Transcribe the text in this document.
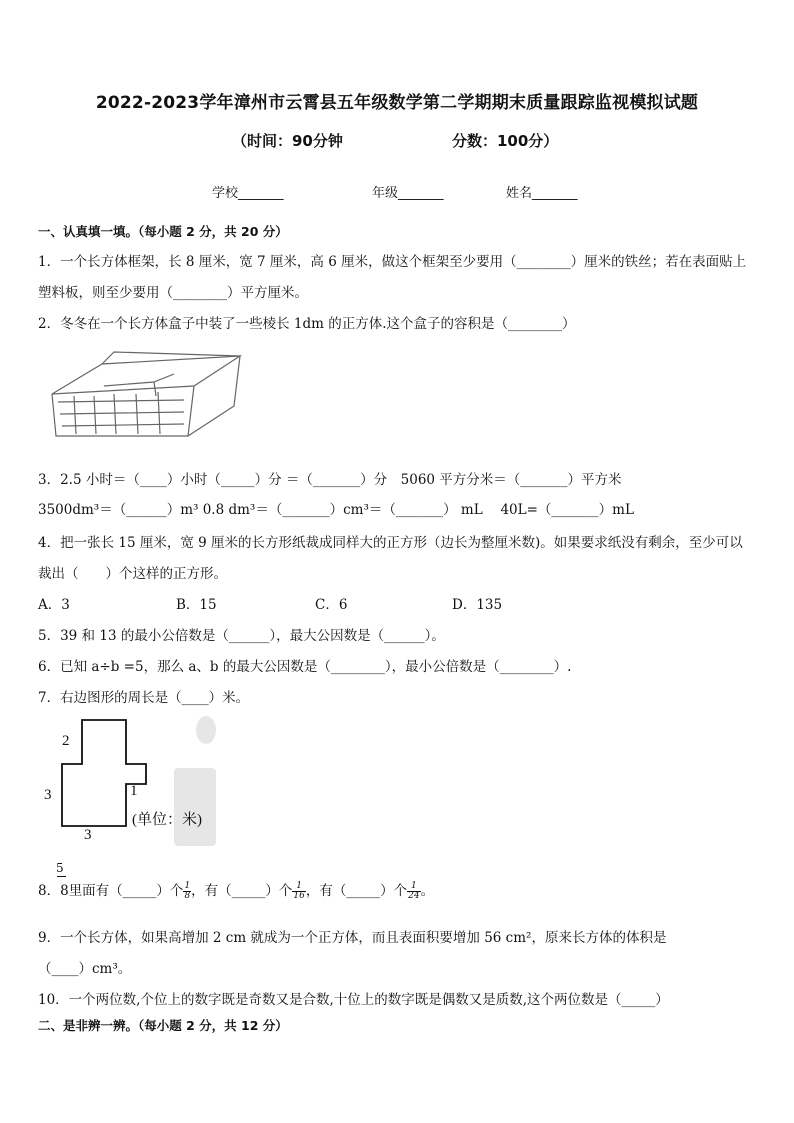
2022-2023学年漳州市云霄县五年级数学第二学期期末质量跟踪监视模拟试题
（时间：90分钟	分数：100分）
学校_______	年级_______	姓名_______
一、认真填一填。（每小题 2 分，共 20 分）
1．一个长方体框架，长 8 厘米，宽 7 厘米，高 6 厘米，做这个框架至少要用（________）厘米的铁丝；若在表面贴上
塑料板，则至少要用（________）平方厘米。
2．冬冬在一个长方体盒子中装了一些棱长 1dm 的正方体.这个盒子的容积是（________）
3．2.5 小时＝（____）小时（_____）分 ＝（_______）分　5060 平方分米＝（_______）平方米
3500dm³＝（______）m³ 0.8 dm³＝（_______）cm³＝（_______） mL　 40L=（_______）mL
4．把一张长 15 厘米，宽 9 厘米的长方形纸裁成同样大的正方形（边长为整厘米数)。如果要求纸没有剩余，至少可以
裁出（　　）个这样的正方形。
A．3	B．15	C．6	D．135
5．39 和 13 的最小公倍数是（______），最大公因数是（______）。
6．已知 a÷b =5，那么 a、b 的最大公因数是（________），最小公倍数是（________）.
7．右边图形的周长是（____）米。
2
3	1
3
(单位：米)
5
8．8里面有（_____）个 $\frac{1}{8}$ ，有（_____）个 $\frac{1}{16}$ ，有（_____）个 $\frac{1}{24}$ 。
9．一个长方体，如果高增加 2 cm 就成为一个正方体，而且表面积要增加 56 cm²，原来长方体的体积是
（____）cm³。
10．一个两位数,个位上的数字既是奇数又是合数,十位上的数字既是偶数又是质数,这个两位数是（_____）
二、是非辨一辨。（每小题 2 分，共 12 分）
